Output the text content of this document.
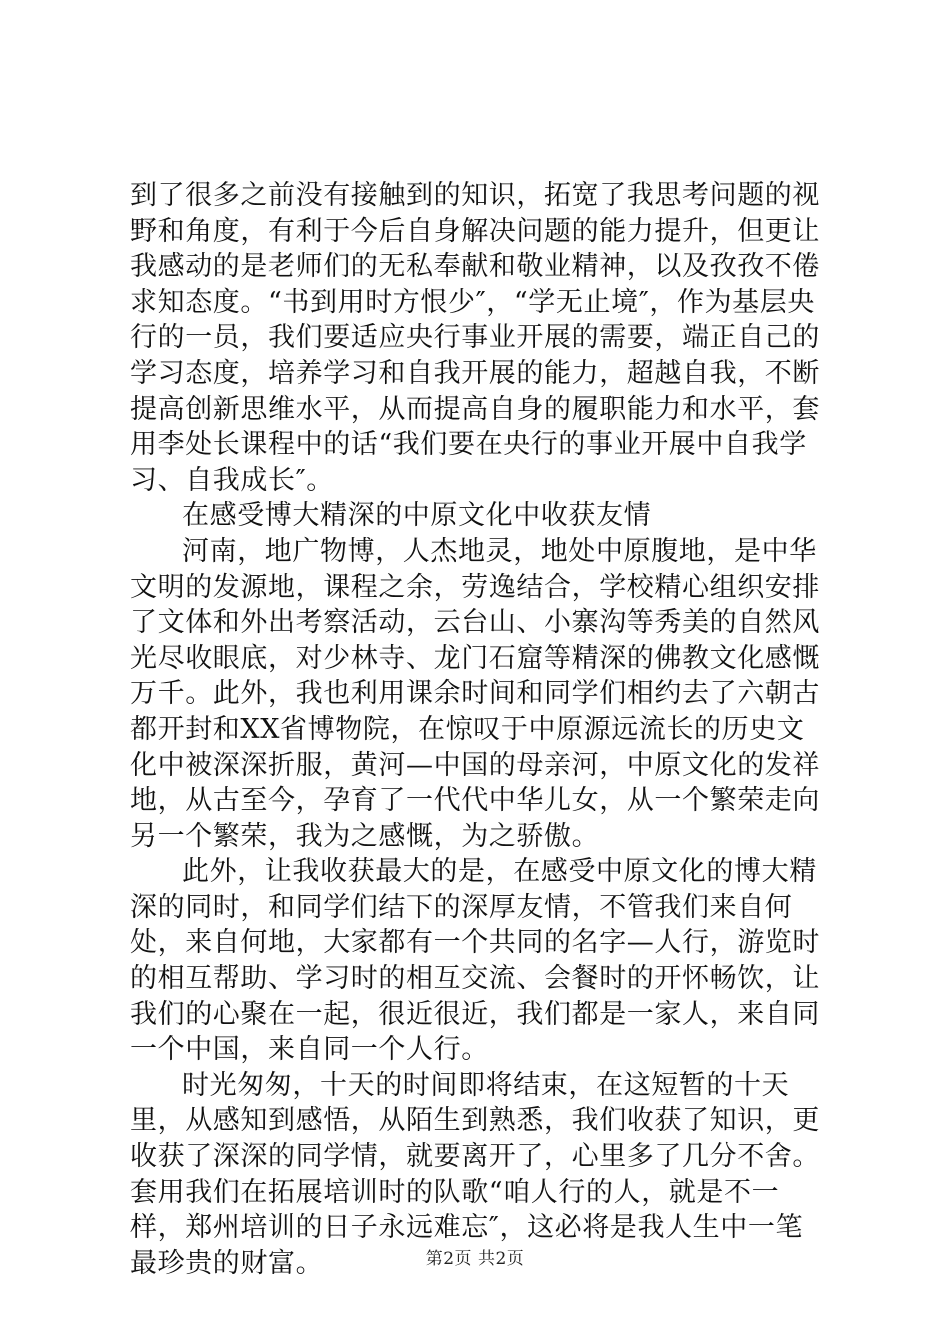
到了很多之前没有接触到的知识，拓宽了我思考问题的视野和角度，有利于今后自身解决问题的能力提升，但更让我感动的是老师们的无私奉献和敬业精神，以及孜孜不倦求知态度。“书到用时方恨少″，“学无止境″，作为基层央行的一员，我们要适应央行事业开展的需要，端正自己的学习态度，培养学习和自我开展的能力，超越自我，不断提高创新思维水平，从而提高自身的履职能力和水平，套用李处长课程中的话“我们要在央行的事业开展中自我学习、自我成长″。

在感受博大精深的中原文化中收获友情

河南，地广物博，人杰地灵，地处中原腹地，是中华文明的发源地，课程之余，劳逸结合，学校精心组织安排了文体和外出考察活动，云台山、小寨沟等秀美的自然风光尽收眼底，对少林寺、龙门石窟等精深的佛教文化感慨万千。此外，我也利用课余时间和同学们相约去了六朝古都开封和XX省博物院，在惊叹于中原源远流长的历史文化中被深深折服，黄河—中国的母亲河，中原文化的发祥地，从古至今，孕育了一代代中华儿女，从一个繁荣走向另一个繁荣，我为之感慨，为之骄傲。

此外，让我收获最大的是，在感受中原文化的博大精深的同时，和同学们结下的深厚友情，不管我们来自何处，来自何地，大家都有一个共同的名字—人行，游览时的相互帮助、学习时的相互交流、会餐时的开怀畅饮，让我们的心聚在一起，很近很近，我们都是一家人，来自同一个中国，来自同一个人行。

时光匆匆，十天的时间即将结束，在这短暂的十天里，从感知到感悟，从陌生到熟悉，我们收获了知识，更收获了深深的同学情，就要离开了，心里多了几分不舍。套用我们在拓展培训时的队歌“咱人行的人，就是不一样，郑州培训的日子永远难忘″，这必将是我人生中一笔最珍贵的财富。	第2页 共2页
